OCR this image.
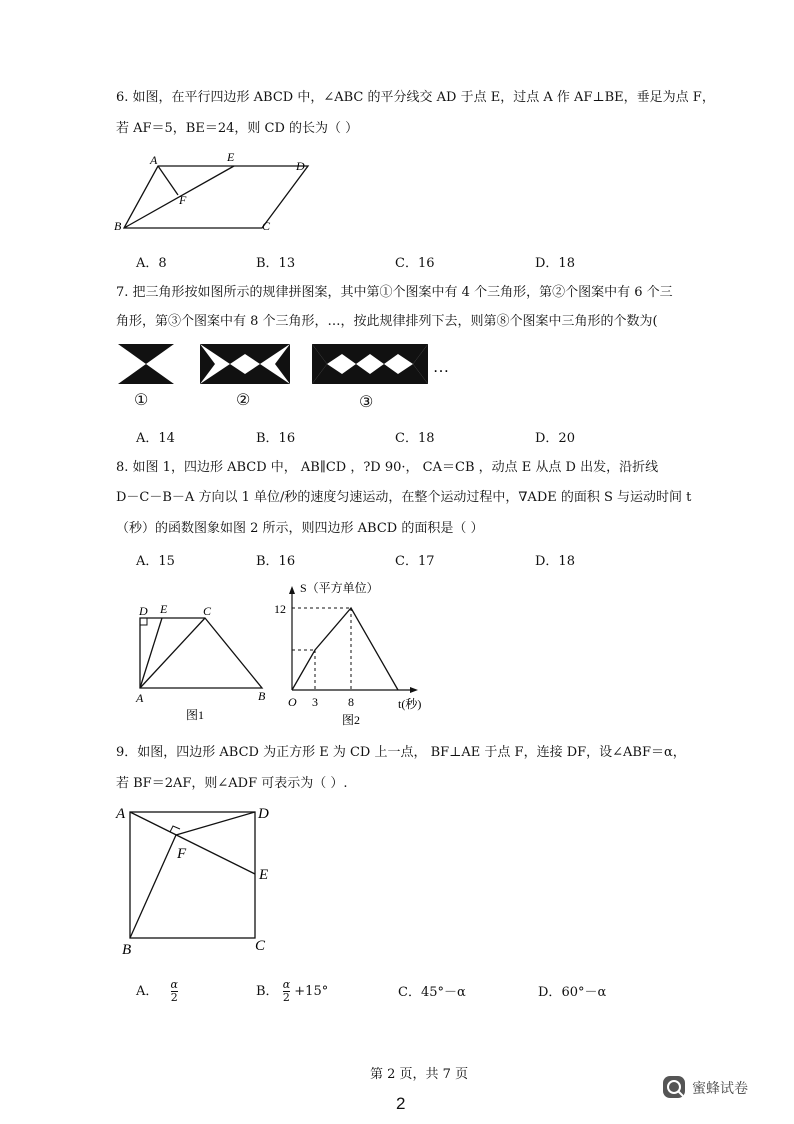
6. 如图，在平行四边形 ABCD 中，∠ABC 的平分线交 AD 于点 E，过点 A 作 AF⊥BE，垂足为点 F，
若 AF＝5，BE＝24，则 CD 的长为（ ）
A	E
D
F
B	C
A．8	B．13	C．16	D．18
7. 把三角形按如图所示的规律拼图案，其中第①个图案中有 4 个三角形，第②个图案中有 6 个三
角形，第③个图案中有 8 个三角形，…，按此规律排列下去，则第⑧个图案中三角形的个数为(
…
①	②	③
A．14	B．16	C．18	D．20
8. 如图 1，四边形 ABCD 中， AB∥CD ，?D 90·， CA＝CB ，动点 E 从点 D 出发，沿折线
D－C－B－A 方向以 1 单位/秒的速度匀速运动，在整个运动过程中，∇ADE 的面积 S 与运动时间 t
（秒）的函数图象如图 2 所示，则四边形 ABCD 的面积是（ ）
A．15	B．16	C．17	D．18
D E	C
A	B
图1
S（平方单位）
12
O 3	8	t(秒)
图2
9．如图，四边形 ABCD 为正方形 E 为 CD 上一点， BF⊥AE 于点 F，连接 DF，设∠ABF＝α，
若 BF＝2AF，则∠ADF 可表示为（ ）.
A	D
F
E
B	C
A． $\frac{\alpha}{2}$	B． $\frac{\alpha}{2} +15^\circ$	C．45°－α	D．60°－α
第 2 页，共 7 页
2
蜜蜂试卷
